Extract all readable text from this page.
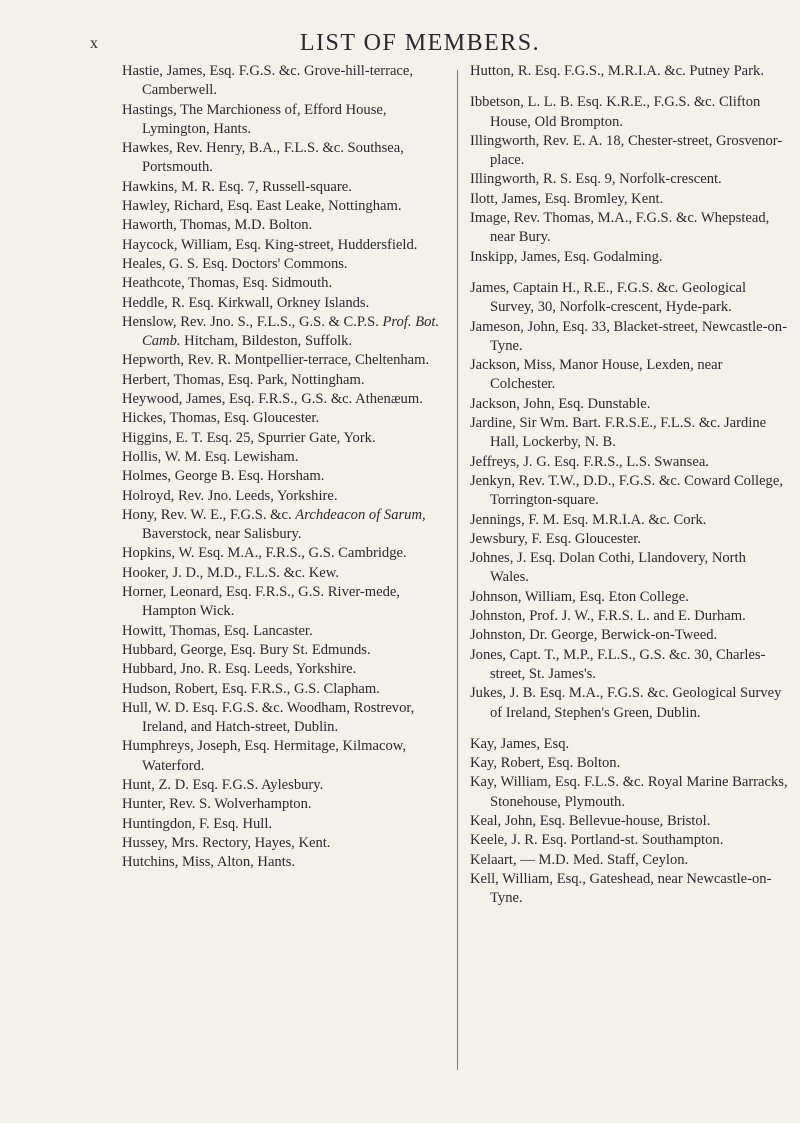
x	LIST OF MEMBERS.

Hastie, James, Esq. F.G.S. &c. Grove-hill-terrace, Camberwell.

Hastings, The Marchioness of, Efford House, Lymington, Hants.

Hawkes, Rev. Henry, B.A., F.L.S. &c. Southsea, Portsmouth.

Hawkins, M. R. Esq. 7, Russell-square.

Hawley, Richard, Esq. East Leake, Nottingham.

Haworth, Thomas, M.D. Bolton.

Haycock, William, Esq. King-street, Huddersfield.

Heales, G. S. Esq. Doctors' Commons.

Heathcote, Thomas, Esq. Sidmouth.

Heddle, R. Esq. Kirkwall, Orkney Islands.

Henslow, Rev. Jno. S., F.L.S., G.S. & C.P.S. Prof. Bot. Camb. Hitcham, Bildeston, Suffolk.

Hepworth, Rev. R. Montpellier-terrace, Cheltenham.

Herbert, Thomas, Esq. Park, Nottingham.

Heywood, James, Esq. F.R.S., G.S. &c. Athenæum.

Hickes, Thomas, Esq. Gloucester.

Higgins, E. T. Esq. 25, Spurrier Gate, York.

Hollis, W. M. Esq. Lewisham.

Holmes, George B. Esq. Horsham.

Holroyd, Rev. Jno. Leeds, Yorkshire.

Hony, Rev. W. E., F.G.S. &c. Archdeacon of Sarum, Baverstock, near Salisbury.

Hopkins, W. Esq. M.A., F.R.S., G.S. Cambridge.

Hooker, J. D., M.D., F.L.S. &c. Kew.

Horner, Leonard, Esq. F.R.S., G.S. River-mede, Hampton Wick.

Howitt, Thomas, Esq. Lancaster.

Hubbard, George, Esq. Bury St. Edmunds.

Hubbard, Jno. R. Esq. Leeds, Yorkshire.

Hudson, Robert, Esq. F.R.S., G.S. Clapham.

Hull, W. D. Esq. F.G.S. &c. Woodham, Rostrevor, Ireland, and Hatch-street, Dublin.

Humphreys, Joseph, Esq. Hermitage, Kilmacow, Waterford.

Hunt, Z. D. Esq. F.G.S. Aylesbury.

Hunter, Rev. S. Wolverhampton.

Huntingdon, F. Esq. Hull.

Hussey, Mrs. Rectory, Hayes, Kent.

Hutchins, Miss, Alton, Hants.

Hutton, R. Esq. F.G.S., M.R.I.A. &c. Putney Park.

Ibbetson, L. L. B. Esq. K.R.E., F.G.S. &c. Clifton House, Old Brompton.

Illingworth, Rev. E. A. 18, Chester-street, Grosvenor-place.

Illingworth, R. S. Esq. 9, Norfolk-crescent.

Ilott, James, Esq. Bromley, Kent.

Image, Rev. Thomas, M.A., F.G.S. &c. Whepstead, near Bury.

Inskipp, James, Esq. Godalming.

James, Captain H., R.E., F.G.S. &c. Geological Survey, 30, Norfolk-crescent, Hyde-park.

Jameson, John, Esq. 33, Blacket-street, Newcastle-on-Tyne.

Jackson, Miss, Manor House, Lexden, near Colchester.

Jackson, John, Esq. Dunstable.

Jardine, Sir Wm. Bart. F.R.S.E., F.L.S. &c. Jardine Hall, Lockerby, N. B.

Jeffreys, J. G. Esq. F.R.S., L.S. Swansea.

Jenkyn, Rev. T.W., D.D., F.G.S. &c. Coward College, Torrington-square.

Jennings, F. M. Esq. M.R.I.A. &c. Cork.

Jewsbury, F. Esq. Gloucester.

Johnes, J. Esq. Dolan Cothi, Llandovery, North Wales.

Johnson, William, Esq. Eton College.

Johnston, Prof. J. W., F.R.S. L. and E. Durham.

Johnston, Dr. George, Berwick-on-Tweed.

Jones, Capt. T., M.P., F.L.S., G.S. &c. 30, Charles-street, St. James's.

Jukes, J. B. Esq. M.A., F.G.S. &c. Geological Survey of Ireland, Stephen's Green, Dublin.

Kay, James, Esq.

Kay, Robert, Esq. Bolton.

Kay, William, Esq. F.L.S. &c. Royal Marine Barracks, Stonehouse, Plymouth.

Keal, John, Esq. Bellevue-house, Bristol.

Keele, J. R. Esq. Portland-st. Southampton.

Kelaart, — M.D. Med. Staff, Ceylon.

Kell, William, Esq., Gateshead, near Newcastle-on-Tyne.
